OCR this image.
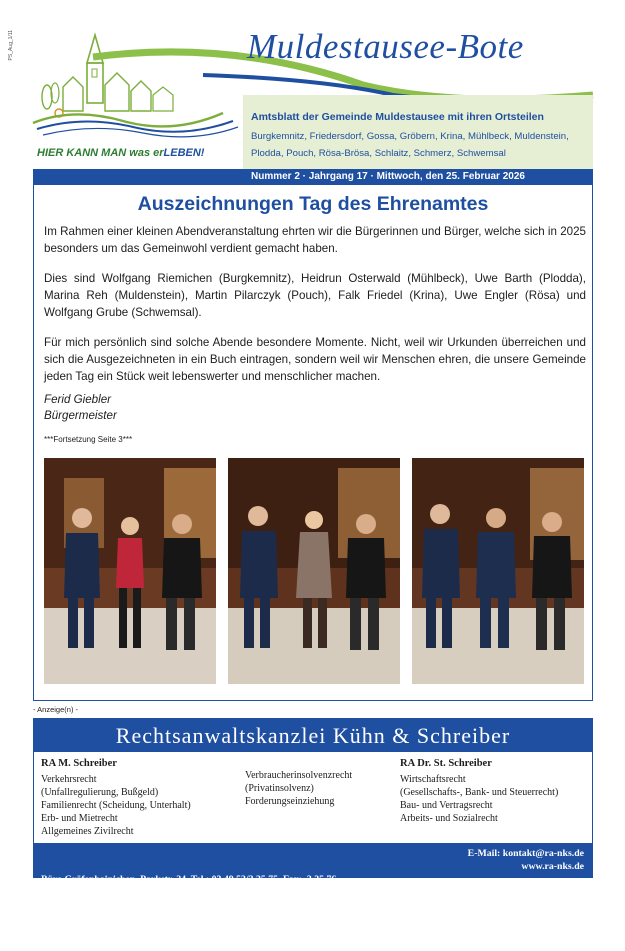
PS_Aug_1/11
HIER KANN MAN was erLEBEN!
Muldestausee-Bote
Amtsblatt der Gemeinde Muldestausee mit ihren Ortsteilen
Burgkemnitz, Friedersdorf, Gossa, Gröbern, Krina, Mühlbeck, Muldenstein,
Plodda, Pouch, Rösa-Brösa, Schlaitz, Schmerz, Schwemsal
Nummer 2 · Jahrgang 17 · Mittwoch, den 25. Februar 2026
Auszeichnungen Tag des Ehrenamtes
Im Rahmen einer kleinen Abendveranstaltung ehrten wir die Bürgerinnen und Bürger, welche sich in 2025 besonders um das Gemeinwohl verdient gemacht haben.
Dies sind Wolfgang Riemichen (Burgkemnitz), Heidrun Osterwald (Mühlbeck), Uwe Barth (Plodda), Marina Reh (Muldenstein), Martin Pilarczyk (Pouch), Falk Friedel (Krina), Uwe Engler (Rösa) und Wolfgang Grube (Schwemsal).
Für mich persönlich sind solche Abende besondere Momente. Nicht, weil wir Urkunden überreichen und sich die Ausgezeichneten in ein Buch eintragen, sondern weil wir Menschen ehren, die unsere Gemeinde jeden Tag ein Stück weit lebenswerter und menschlicher machen.
Ferid Giebler
Bürgermeister
***Fortsetzung Seite 3***
- Anzeige(n) -
Rechtsanwaltskanzlei Kühn & Schreiber
RA M. Schreiber
Verkehrsrecht
(Unfallregulierung, Bußgeld)
Familienrecht (Scheidung, Unterhalt)
Erb- und Mietrecht
Allgemeines Zivilrecht
Verbraucherinsolvenzrecht
(Privatinsolvenz)
Forderungseinziehung
RA Dr. St. Schreiber
Wirtschaftsrecht
(Gesellschafts-, Bank- und Steuerrecht)
Bau- und Vertragsrecht
Arbeits- und Sozialrecht

Büro Gräfenhainichen, Parkstr. 24, Tel.: 03 49 53/3 35 75, Fax:  3 35 76

Büro Bad Düben, Neuhofstr. 23,        Tel.: 03 42 43/2 88 65, Fax:  2 88 66

E-Mail: kontakt@ra-nks.de
www.ra-nks.de
